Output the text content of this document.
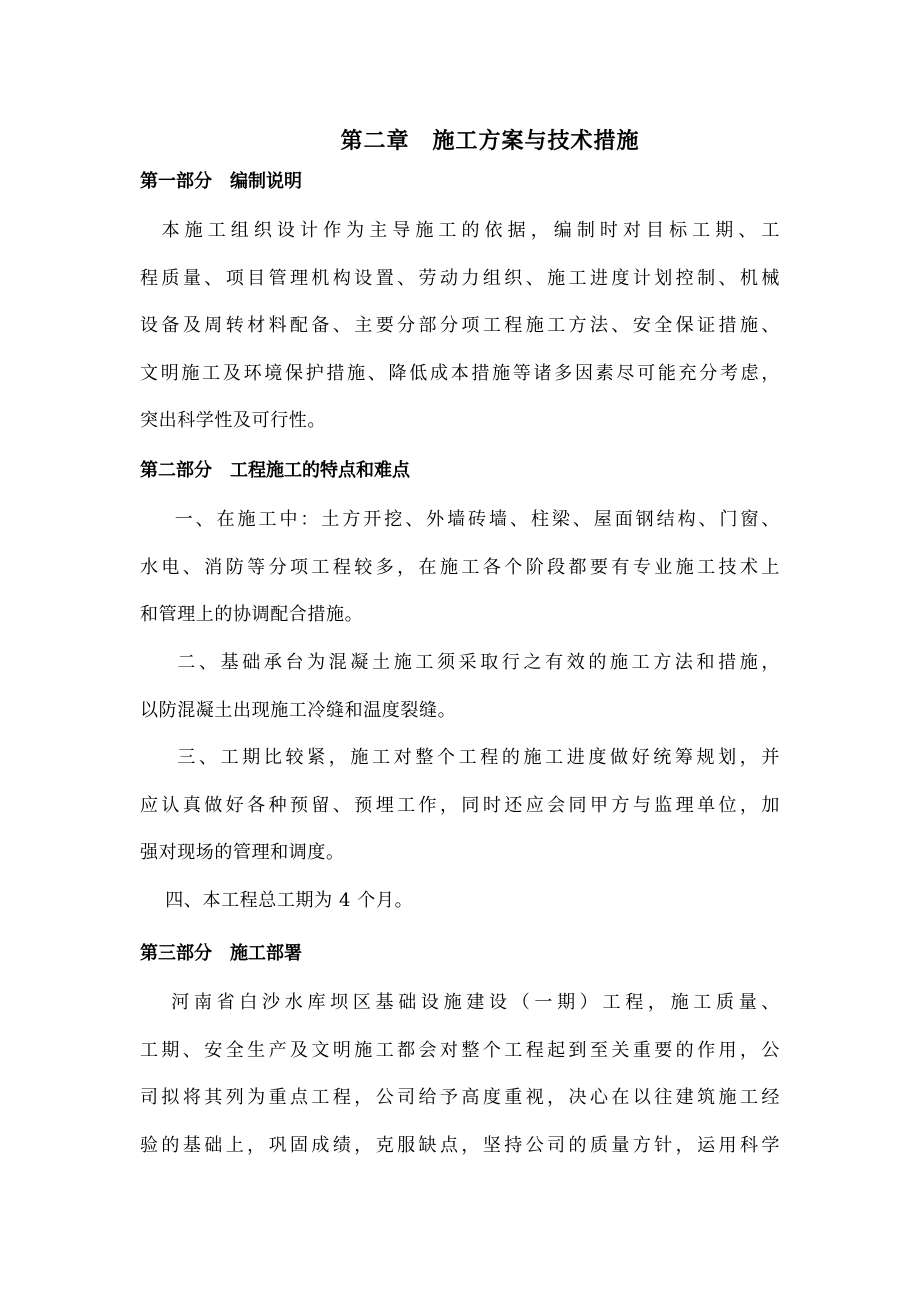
第二章　施工方案与技术措施
第一部分　编制说明
本施工组织设计作为主导施工的依据，编制时对目标工期、工
程质量、项目管理机构设置、劳动力组织、施工进度计划控制、机械
设备及周转材料配备、主要分部分项工程施工方法、安全保证措施、
文明施工及环境保护措施、降低成本措施等诸多因素尽可能充分考虑，
突出科学性及可行性。
第二部分　工程施工的特点和难点
一、在施工中：土方开挖、外墙砖墙、柱梁、屋面钢结构、门窗、
水电、消防等分项工程较多，在施工各个阶段都要有专业施工技术上
和管理上的协调配合措施。
二、基础承台为混凝土施工须采取行之有效的施工方法和措施，
以防混凝土出现施工冷缝和温度裂缝。
三、工期比较紧，施工对整个工程的施工进度做好统筹规划，并
应认真做好各种预留、预埋工作，同时还应会同甲方与监理单位，加
强对现场的管理和调度。
四、本工程总工期为 4 个月。
第三部分　施工部署
河南省白沙水库坝区基础设施建设（一期）工程，施工质量、
工期、安全生产及文明施工都会对整个工程起到至关重要的作用，公
司拟将其列为重点工程，公司给予高度重视，决心在以往建筑施工经
验的基础上，巩固成绩，克服缺点，坚持公司的质量方针，运用科学
